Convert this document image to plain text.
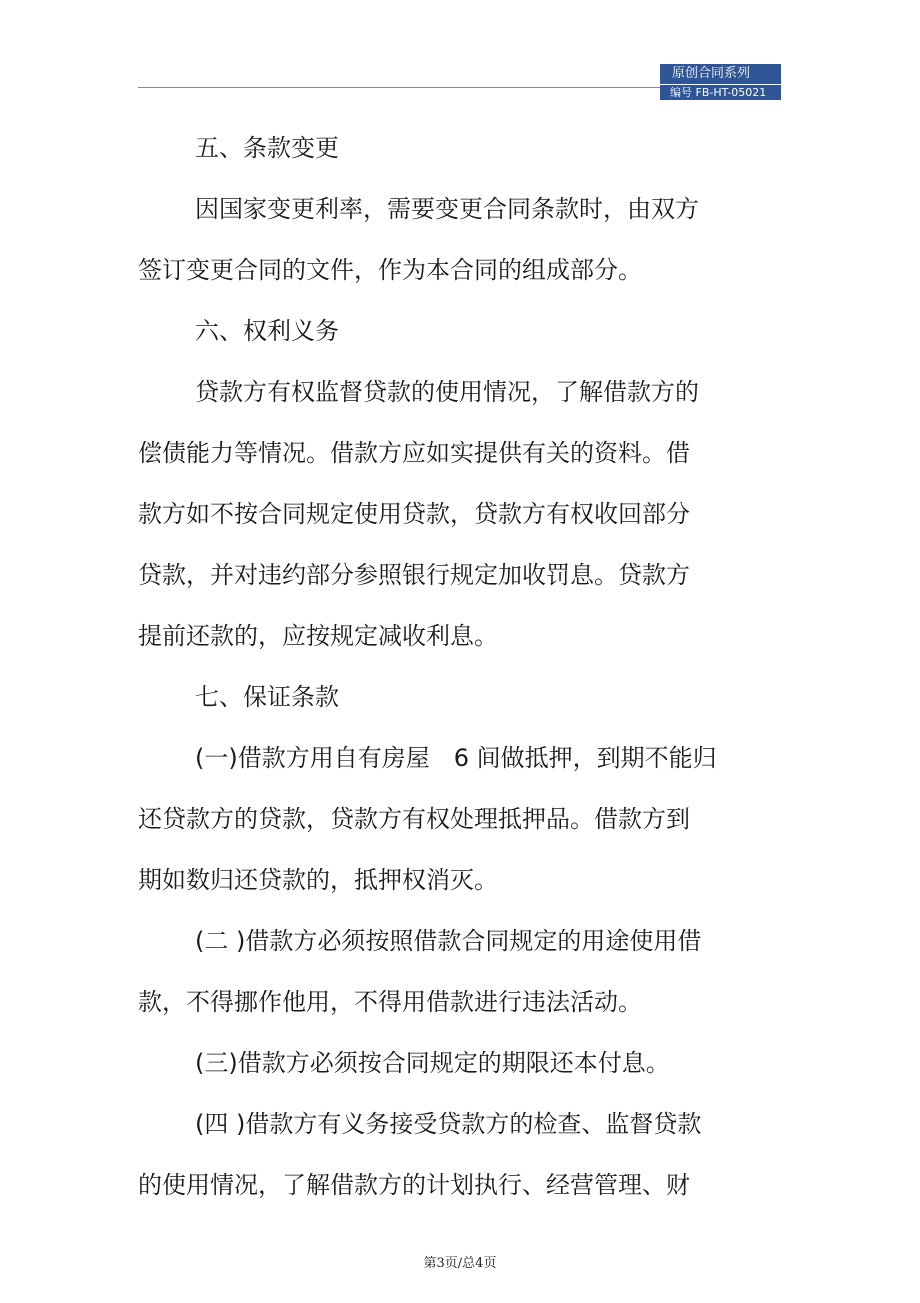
原创合同系列
编号 FB-HT-05021
五、条款变更
因国家变更利率，需要变更合同条款时，由双方
签订变更合同的文件，作为本合同的组成部分。
六、权利义务
贷款方有权监督贷款的使用情况，了解借款方的
偿债能力等情况。借款方应如实提供有关的资料。借
款方如不按合同规定使用贷款，贷款方有权收回部分
贷款，并对违约部分参照银行规定加收罚息。贷款方
提前还款的，应按规定减收利息。
七、保证条款
(一)借款方用自有房屋　6 间做抵押，到期不能归
还贷款方的贷款，贷款方有权处理抵押品。借款方到
期如数归还贷款的，抵押权消灭。
(二 )借款方必须按照借款合同规定的用途使用借
款，不得挪作他用，不得用借款进行违法活动。
(三)借款方必须按合同规定的期限还本付息。
(四 )借款方有义务接受贷款方的检查、监督贷款
的使用情况，了解借款方的计划执行、经营管理、财
第3页/总4页
